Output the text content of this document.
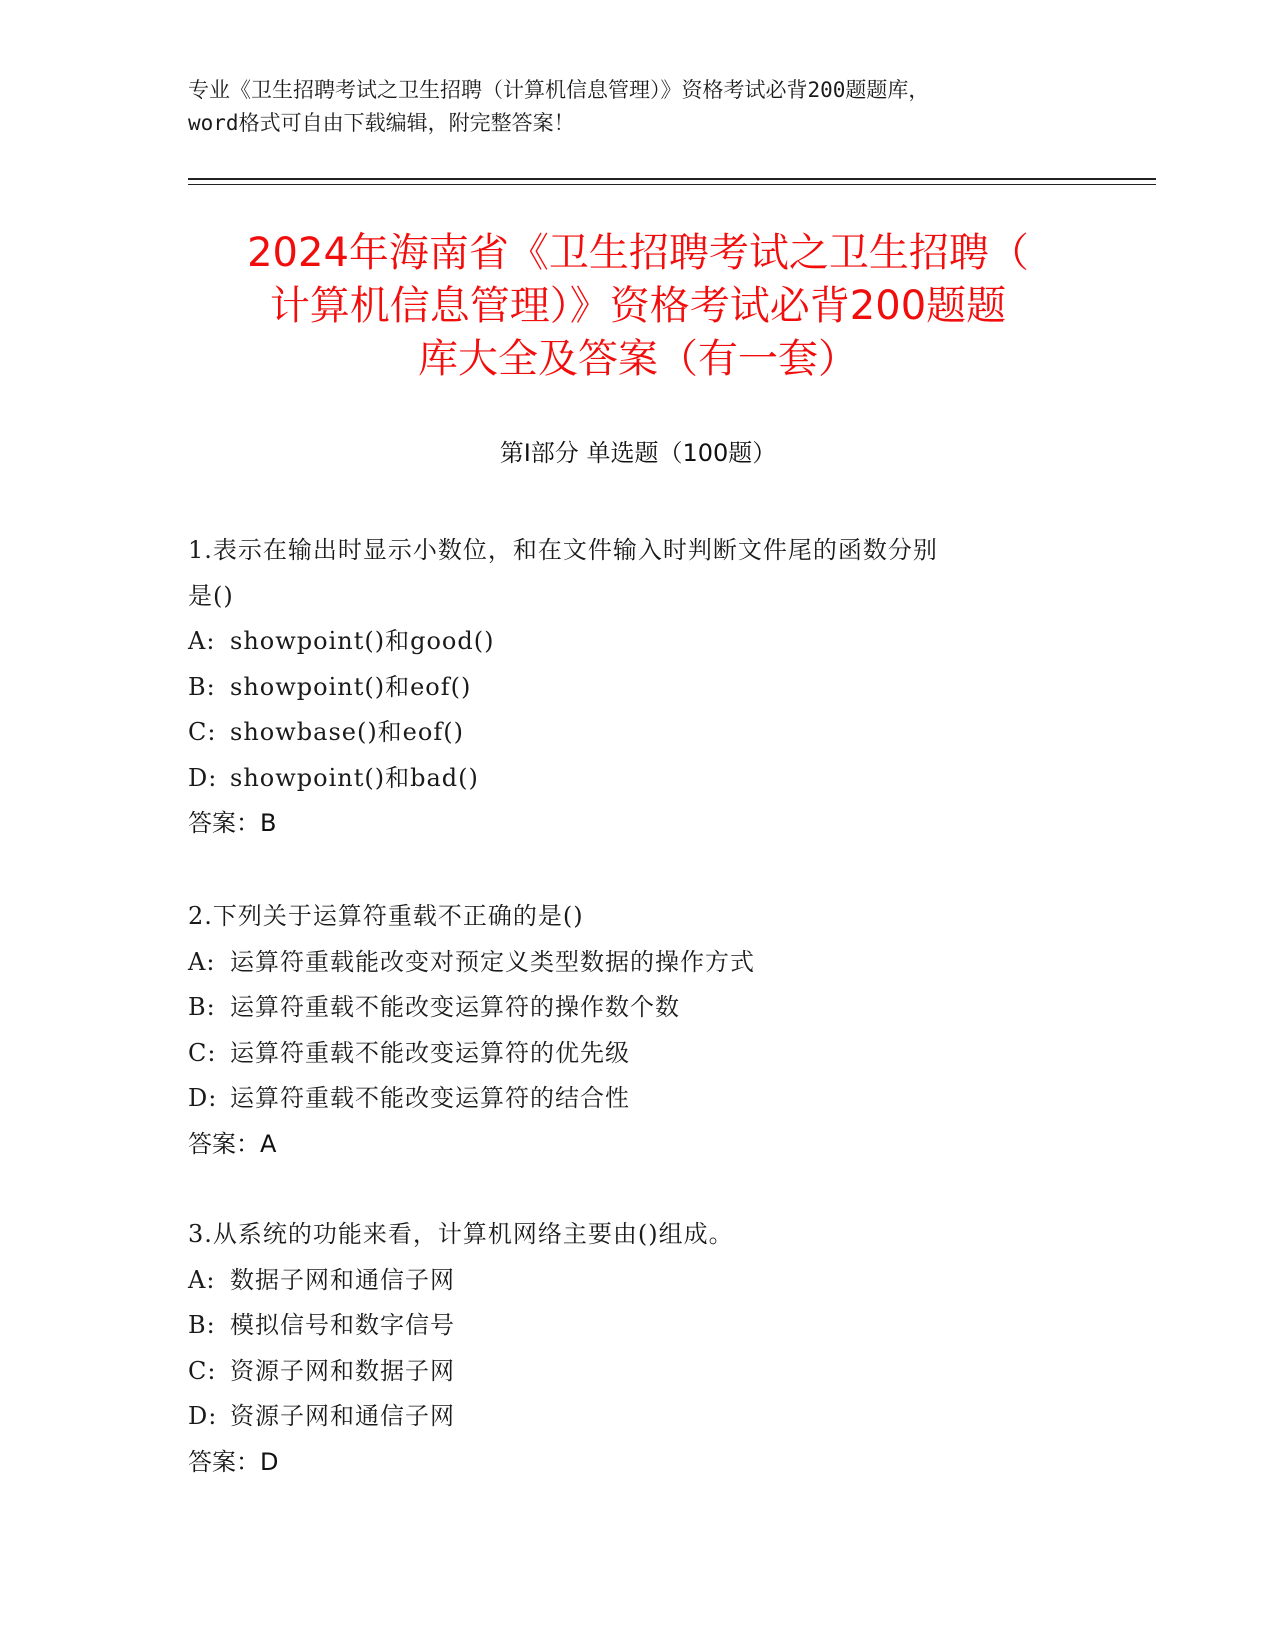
专业《卫生招聘考试之卫生招聘（计算机信息管理）》资格考试必背200题题库，
word格式可自由下载编辑，附完整答案！
2024年海南省《卫生招聘考试之卫生招聘（
计算机信息管理）》资格考试必背200题题
库大全及答案（有一套）
第Ⅰ部分 单选题（100题）
1.表示在输出时显示小数位，和在文件输入时判断文件尾的函数分别
是()
A: showpoint()和good()
B: showpoint()和eof()
C: showbase()和eof()
D: showpoint()和bad()
答案：B
2.下列关于运算符重载不正确的是()
A: 运算符重载能改变对预定义类型数据的操作方式
B: 运算符重载不能改变运算符的操作数个数
C: 运算符重载不能改变运算符的优先级
D: 运算符重载不能改变运算符的结合性
答案：A
3.从系统的功能来看，计算机网络主要由()组成。
A: 数据子网和通信子网
B: 模拟信号和数字信号
C: 资源子网和数据子网
D: 资源子网和通信子网
答案：D
